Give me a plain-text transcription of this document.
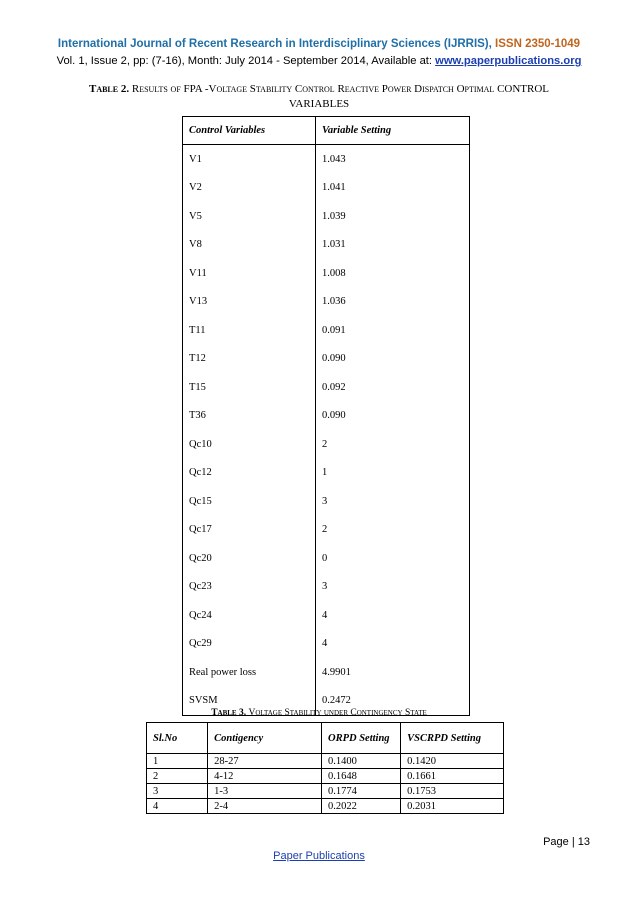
International Journal of Recent Research in Interdisciplinary Sciences (IJRRIS), ISSN 2350-1049
Vol. 1, Issue 2, pp: (7-16), Month: July 2014 - September 2014, Available at: www.paperpublications.org
Table 2. Results of FPA -Voltage Stability Control Reactive Power Dispatch Optimal CONTROL VARIABLES
Control Variables	Variable Setting
V1	1.043
V2	1.041
V5	1.039
V8	1.031
V11	1.008
V13	1.036
T11	0.091
T12	0.090
T15	0.092
T36	0.090
Qc10	2
Qc12	1
Qc15	3
Qc17	2
Qc20	0
Qc23	3
Qc24	4
Qc29	4
Real power loss	4.9901
SVSM	0.2472
Table 3. Voltage Stability under Contingency State
Sl.No	Contigency	ORPD Setting	VSCRPD Setting
1	28-27	0.1400	0.1420
2	4-12	0.1648	0.1661
3	1-3	0.1774	0.1753
4	2-4	0.2022	0.2031
Page | 13
Paper Publications
